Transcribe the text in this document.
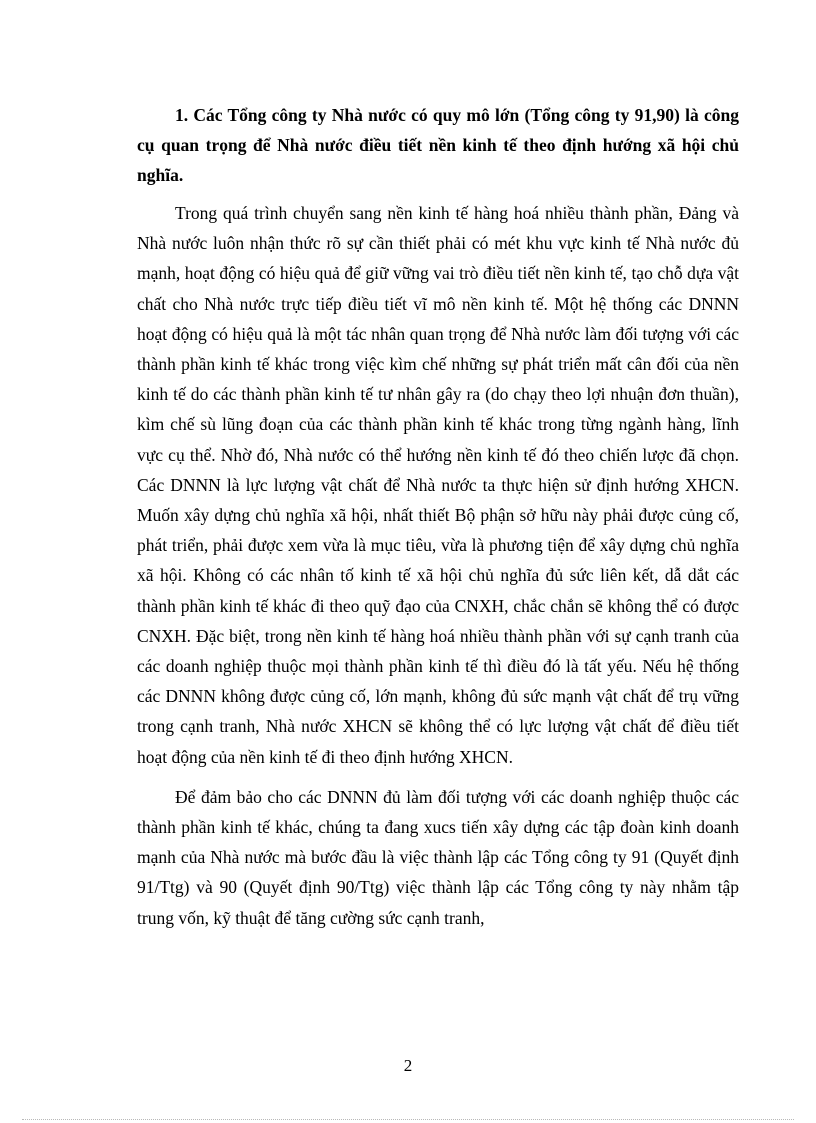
1. Các Tổng công ty Nhà nước có quy mô lớn (Tổng công ty 91,90) là công cụ quan trọng để Nhà nước điều tiết nền kinh tế theo định hướng xã hội chủ nghĩa.

Trong quá trình chuyển sang nền kinh tế hàng hoá nhiều thành phần, Đảng và Nhà nước luôn nhận thức rõ sự cần thiết phải có mét khu vực kinh tế Nhà nước đủ mạnh, hoạt động có hiệu quả để giữ vững vai trò điều tiết nền kinh tế, tạo chỗ dựa vật chất cho Nhà nước trực tiếp điều tiết vĩ mô nền kinh tế. Một hệ thống các DNNN hoạt động có hiệu quả là một tác nhân quan trọng để Nhà nước làm đối tượng với các thành phần kinh tế khác trong việc kìm chế những sự phát triển mất cân đối của nền kinh tế do các thành phần kinh tế tư nhân gây ra (do chạy theo lợi nhuận đơn thuần), kìm chế sù lũng đoạn của các thành phần kinh tế khác trong từng ngành hàng, lĩnh vực cụ thể. Nhờ đó, Nhà nước có thể hướng nền kinh tế đó theo chiến lược đã chọn. Các DNNN là lực lượng vật chất để Nhà nước ta thực hiện sử định hướng XHCN. Muốn xây dựng chủ nghĩa xã hội, nhất thiết Bộ phận sở hữu này phải được củng cố, phát triển, phải được xem vừa là mục tiêu, vừa là phương tiện để xây dựng chủ nghĩa xã hội. Không có các nhân tố kinh tế xã hội chủ nghĩa đủ sức liên kết, dẫ dắt các thành phần kinh tế khác đi theo quỹ đạo của CNXH, chắc chắn sẽ không thể có được CNXH. Đặc biệt, trong nền kinh tế hàng hoá nhiều thành phần với sự cạnh tranh của các doanh nghiệp thuộc mọi thành phần kinh tế thì điều đó là tất yếu. Nếu hệ thống các DNNN không được củng cố, lớn mạnh, không đủ sức mạnh vật chất để trụ vững trong cạnh tranh, Nhà nước XHCN sẽ không thể có lực lượng vật chất để điều tiết hoạt động của nền kinh tế đi theo định hướng XHCN.

Để đảm bảo cho các DNNN đủ làm đối tượng với các doanh nghiệp thuộc các thành phần kinh tế khác, chúng ta đang xucs tiến xây dựng các tập đoàn kinh doanh mạnh của Nhà nước mà bước đầu là việc thành lập các Tổng công ty 91 (Quyết định 91/Ttg) và 90 (Quyết định 90/Ttg) việc thành lập các Tổng công ty này nhằm tập trung vốn, kỹ thuật để tăng cường sức cạnh tranh,

2
